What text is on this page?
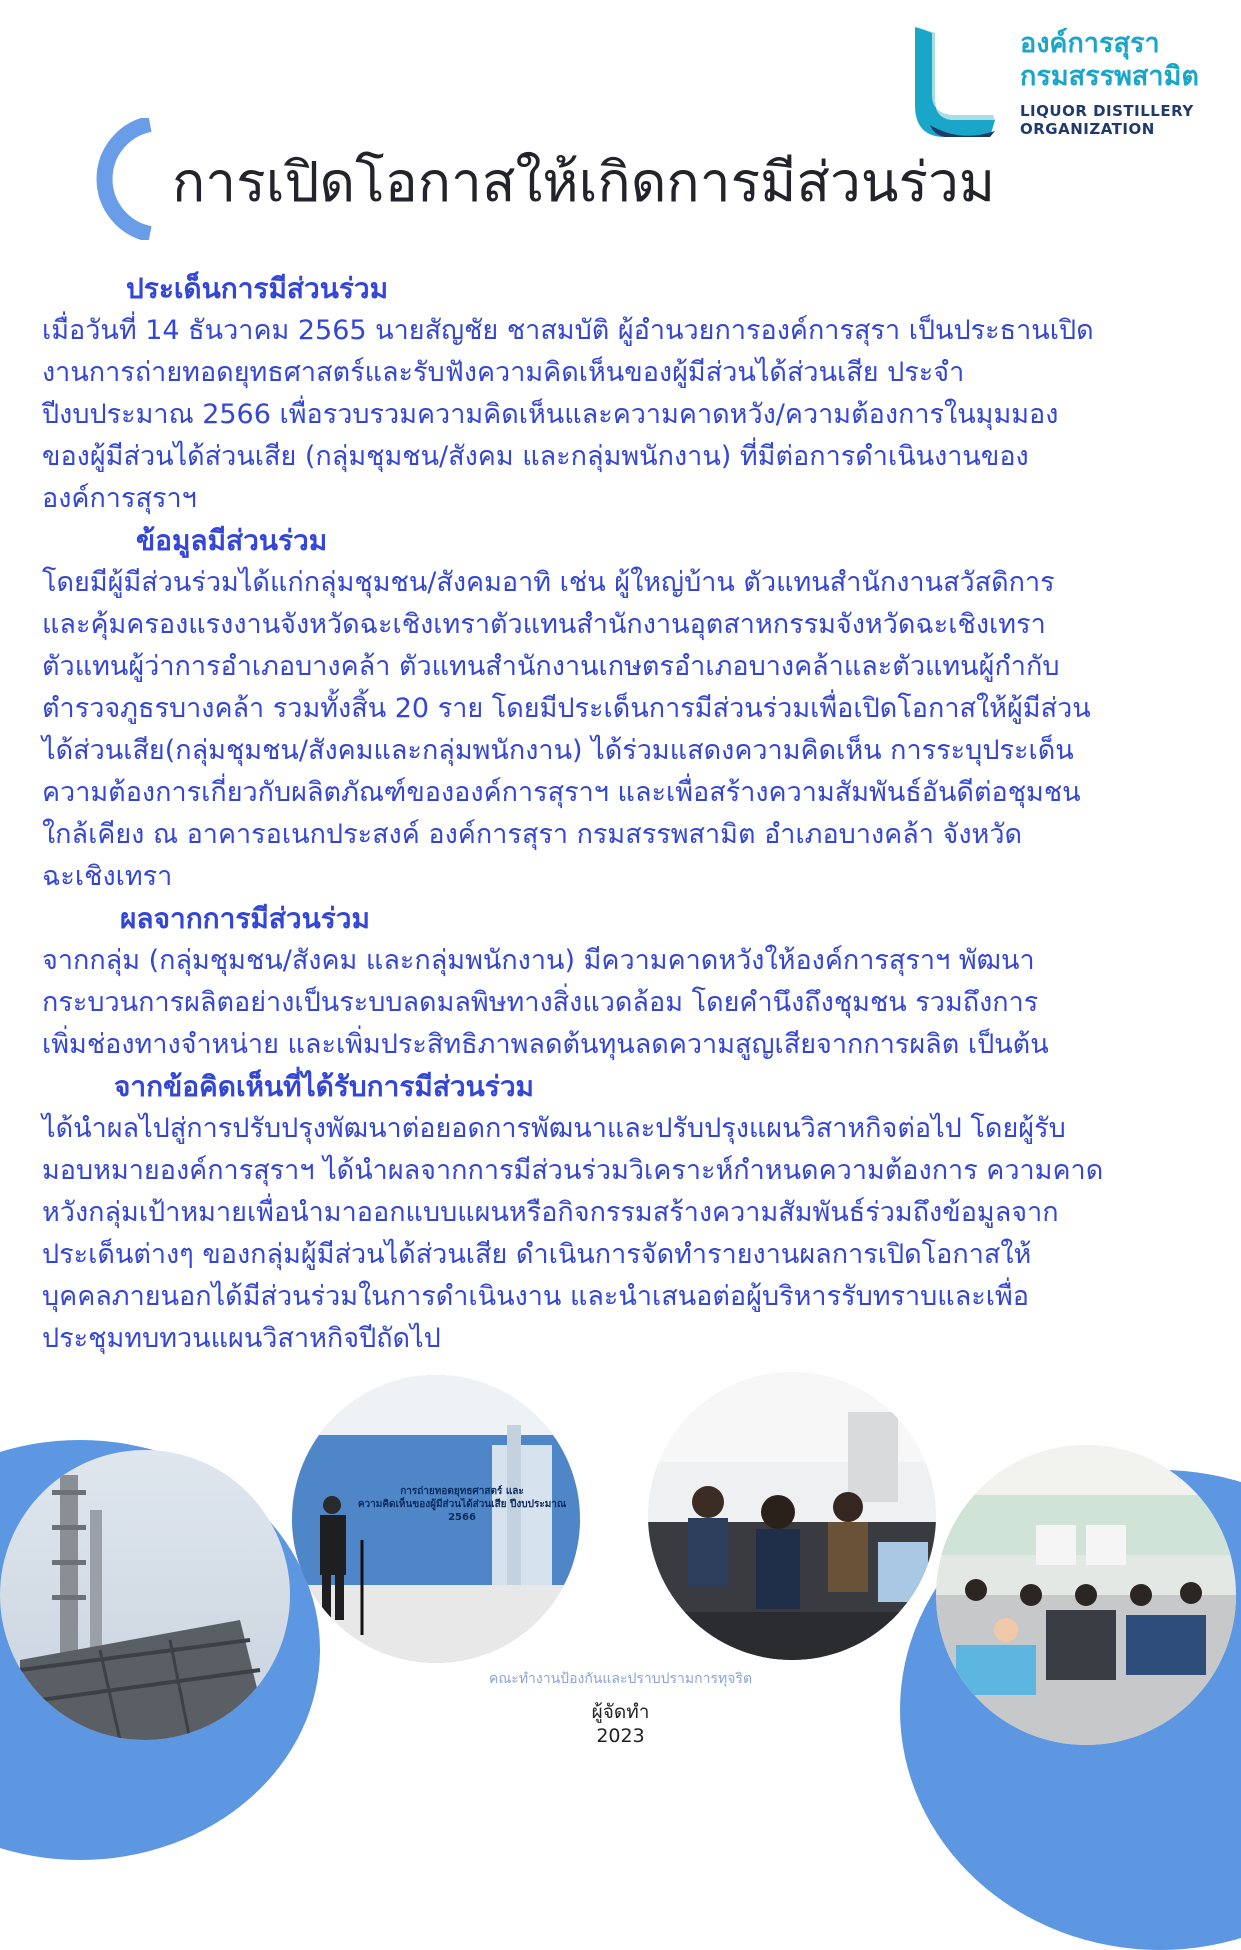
องค์การสุรา
กรมสรรพสามิต
LIQUOR DISTILLERY
ORGANIZATION
การเปิดโอกาสให้เกิดการมีส่วนร่วม
ประเด็นการมีส่วนร่วม

เมื่อวันที่ 14 ธันวาคม 2565 นายสัญชัย ชาสมบัติ ผู้อำนวยการองค์การสุรา เป็นประธานเปิด

งานการถ่ายทอดยุทธศาสตร์และรับฟังความคิดเห็นของผู้มีส่วนได้ส่วนเสีย ประจำ

ปีงบประมาณ 2566 เพื่อรวบรวมความคิดเห็นและความคาดหวัง/ความต้องการในมุมมอง

ของผู้มีส่วนได้ส่วนเสีย (กลุ่มชุมชน/สังคม และกลุ่มพนักงาน) ที่มีต่อการดำเนินงานของ

องค์การสุราฯ

ข้อมูลมีส่วนร่วม

โดยมีผู้มีส่วนร่วมได้แก่กลุ่มชุมชน/สังคมอาทิ เช่น ผู้ใหญ่บ้าน ตัวแทนสำนักงานสวัสดิการ

และคุ้มครองแรงงานจังหวัดฉะเชิงเทราตัวแทนสำนักงานอุตสาหกรรมจังหวัดฉะเชิงเทรา

ตัวแทนผู้ว่าการอำเภอบางคล้า ตัวแทนสำนักงานเกษตรอำเภอบางคล้าและตัวแทนผู้กำกับ

ตำรวจภูธรบางคล้า รวมทั้งสิ้น 20 ราย โดยมีประเด็นการมีส่วนร่วมเพื่อเปิดโอกาสให้ผู้มีส่วน

ได้ส่วนเสีย(กลุ่มชุมชน/สังคมและกลุ่มพนักงาน) ได้ร่วมแสดงความคิดเห็น การระบุประเด็น

ความต้องการเกี่ยวกับผลิตภัณฑ์ขององค์การสุราฯ และเพื่อสร้างความสัมพันธ์อันดีต่อชุมชน

ใกล้เคียง ณ อาคารอเนกประสงค์ องค์การสุรา กรมสรรพสามิต อำเภอบางคล้า จังหวัด

ฉะเชิงเทรา

ผลจากการมีส่วนร่วม

จากกลุ่ม (กลุ่มชุมชน/สังคม และกลุ่มพนักงาน) มีความคาดหวังให้องค์การสุราฯ พัฒนา

กระบวนการผลิตอย่างเป็นระบบลดมลพิษทางสิ่งแวดล้อม โดยคำนึงถึงชุมชน รวมถึงการ

เพิ่มช่องทางจำหน่าย และเพิ่มประสิทธิภาพลดต้นทุนลดความสูญเสียจากการผลิต เป็นต้น

จากข้อคิดเห็นที่ได้รับการมีส่วนร่วม

ได้นำผลไปสู่การปรับปรุงพัฒนาต่อยอดการพัฒนาและปรับปรุงแผนวิสาหกิจต่อไป โดยผู้รับ

มอบหมายองค์การสุราฯ ได้นำผลจากการมีส่วนร่วมวิเคราะห์กำหนดความต้องการ ความคาด

หวังกลุ่มเป้าหมายเพื่อนำมาออกแบบแผนหรือกิจกรรมสร้างความสัมพันธ์ร่วมถึงข้อมูลจาก

ประเด็นต่างๆ ของกลุ่มผู้มีส่วนได้ส่วนเสีย ดำเนินการจัดทำรายงานผลการเปิดโอกาสให้

บุคคลภายนอกได้มีส่วนร่วมในการดำเนินงาน และนำเสนอต่อผู้บริหารรับทราบและเพื่อ

ประชุมทบทวนแผนวิสาหกิจปีถัดไป

การถ่ายทอดยุทธศาสตร์ และ
ความคิดเห็นของผู้มีส่วนได้ส่วนเสีย ปีงบประมาณ 2566
คณะทำงานป้องกันและปราบปรามการทุจริต
ผู้จัดทำ
2023
